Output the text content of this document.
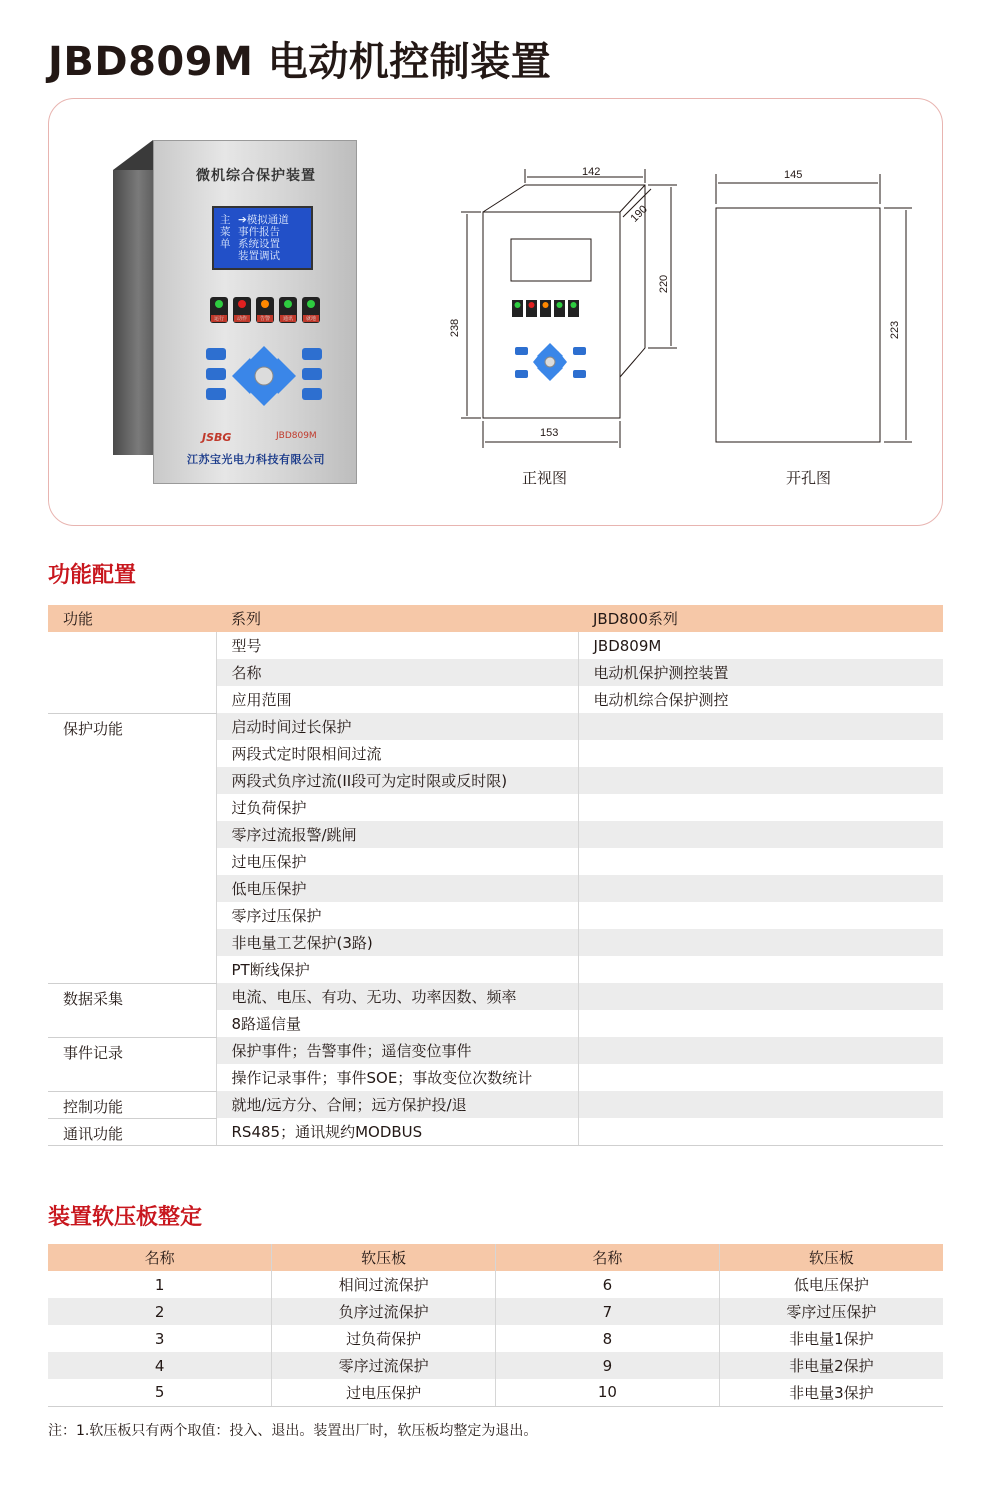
JBD809M 电动机控制装置
微机综合保护装置
主
菜
单
➔模拟通道
事件报告
系统设置
装置调试
运行	动作	告警	通讯	就地
JSBG	JBD809M
江苏宝光电力科技有限公司
142
190
220
238
153
正视图
145
223
开孔图
功能配置
功能	系列	JBD800系列
	型号	JBD809M
	名称	电动机保护测控装置
	应用范围	电动机综合保护测控
保护功能	启动时间过长保护	
	两段式定时限相间过流	
	两段式负序过流(II段可为定时限或反时限)	
	过负荷保护	
	零序过流报警/跳闸	
	过电压保护	
	低电压保护	
	零序过压保护	
	非电量工艺保护(3路)	
	PT断线保护	
数据采集	电流、电压、有功、无功、功率因数、频率	
	8路遥信量	
事件记录	保护事件；告警事件；遥信变位事件	
	操作记录事件；事件SOE；事故变位次数统计	
控制功能	就地/远方分、合闸；远方保护投/退	
通讯功能	RS485；通讯规约MODBUS	
装置软压板整定
名称	软压板	名称	软压板
1	相间过流保护	6	低电压保护
2	负序过流保护	7	零序过压保护
3	过负荷保护	8	非电量1保护
4	零序过流保护	9	非电量2保护
5	过电压保护	10	非电量3保护
注：1.软压板只有两个取值：投入、退出。装置出厂时，软压板均整定为退出。
